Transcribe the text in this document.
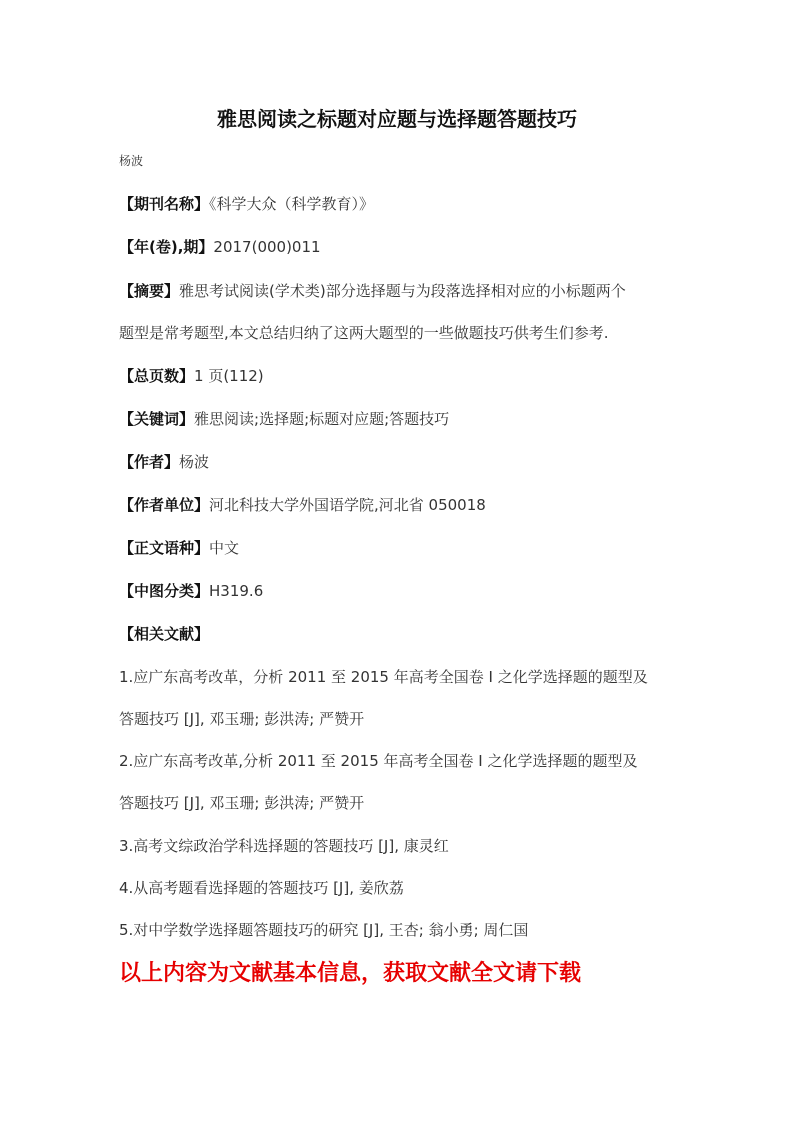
雅思阅读之标题对应题与选择题答题技巧
杨波
【期刊名称】《科学大众（科学教育）》
【年(卷),期】2017(000)011
【摘要】雅思考试阅读(学术类)部分选择题与为段落选择相对应的小标题两个
题型是常考题型,本文总结归纳了这两大题型的一些做题技巧供考生们参考.
【总页数】1 页(112)
【关键词】雅思阅读;选择题;标题对应题;答题技巧
【作者】杨波
【作者单位】河北科技大学外国语学院,河北省 050018
【正文语种】中文
【中图分类】H319.6
【相关文献】
1.应广东高考改革，分析 2011 至 2015 年高考全国卷 I 之化学选择题的题型及
答题技巧 [J], 邓玉珊; 彭洪涛; 严赞开
2.应广东高考改革,分析 2011 至 2015 年高考全国卷 I 之化学选择题的题型及
答题技巧 [J], 邓玉珊; 彭洪涛; 严赞开
3.高考文综政治学科选择题的答题技巧 [J], 康灵红
4.从高考题看选择题的答题技巧 [J], 姜欣荔
5.对中学数学选择题答题技巧的研究 [J], 王杏; 翁小勇; 周仁国
以上内容为文献基本信息，获取文献全文请下载
